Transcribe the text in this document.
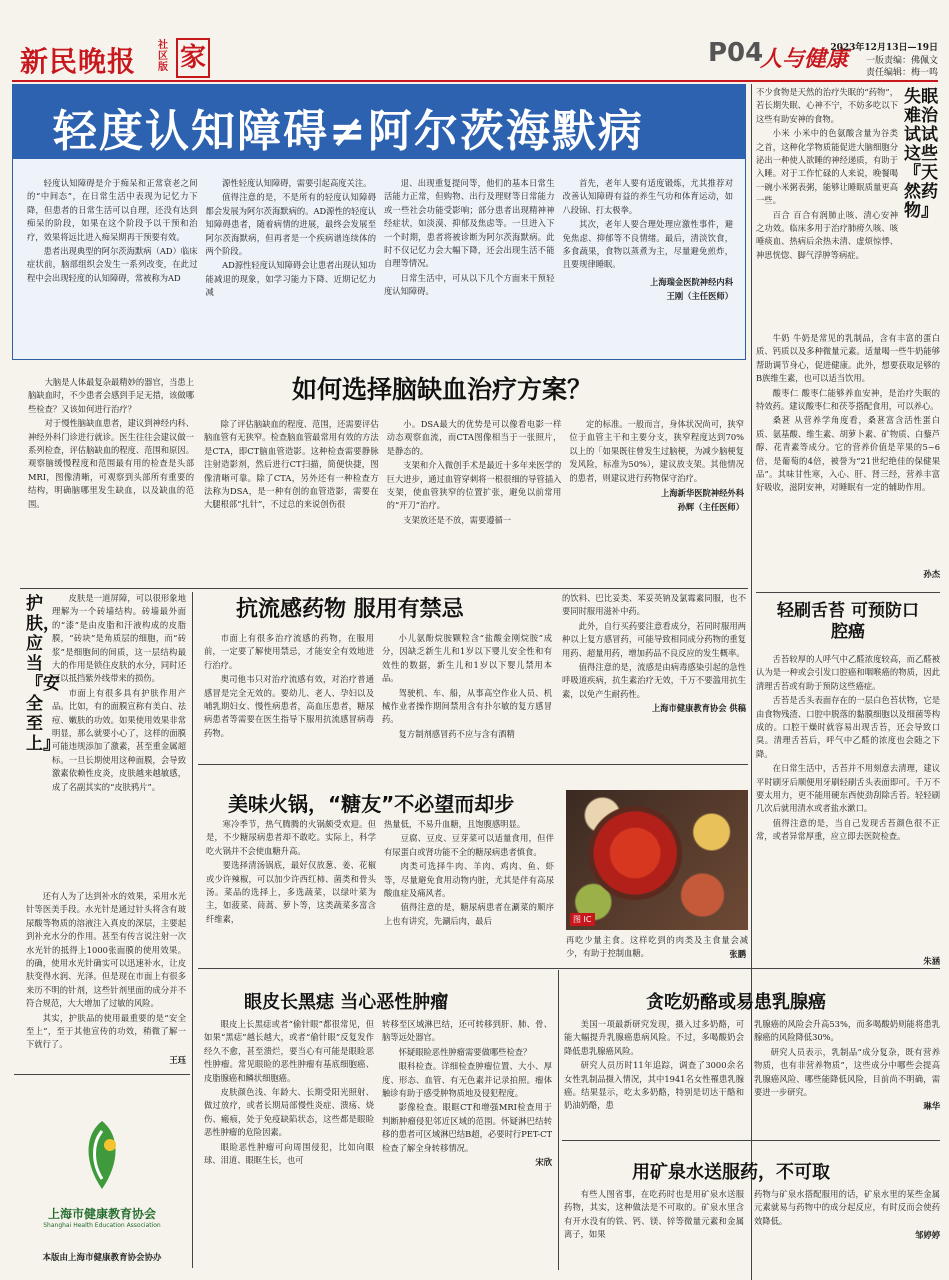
新民晚报 社区版 家	P04
人与健康
2023年12月13日—19日
一版责编：佛佩文
责任编辑：梅一鸣
轻度认知障碍≠阿尔茨海默病

轻度认知障碍是介于痴呆和正常衰老之间的“中间态”，在日常生活中表现为记忆力下降，但患者的日常生活可以自理，还没有达到痴呆的阶段，如果在这个阶段予以干预和治疗，效果将远比进入痴呆期再干预要有效。

患者出现典型的阿尔茨海默病（AD）临床症状前，脑部组织会发生一系列改变，在此过程中会出现轻度的认知障碍，常被称为AD

源性轻度认知障碍，需要引起高度关注。

值得注意的是，不是所有的轻度认知障碍都会发展为阿尔茨海默病的。AD源性的轻度认知障碍患者，随着病情的进展，最终会发展至阿尔茨海默病，但再者是一个疾病谱连续体的两个阶段。

AD源性轻度认知障碍会让患者出现认知功能减退的现象，如学习能力下降、近期记忆力减

退、出现重复提问等，他们的基本日常生活能力正常，但购物、出行及理财等日常能力或一些社会功能受影响；部分患者出现精神神经症状，如淡漠、抑郁及焦虑等。一旦进入下一个时期，患者将被诊断为阿尔茨海默病。此时不仅记忆力会大幅下降，还会出现生活不能自理等情况。

日常生活中，可从以下几个方面来干预轻度认知障碍。

首先，老年人要有适度锻炼，尤其推荐对改善认知障碍有益的养生气功和体育运动，如八段锦、打太极拳。

其次，老年人要合理处理应激性事件，避免焦虑、抑郁等不良情绪。最后，清淡饮食，多食蔬果，食物以蒸煮为主，尽量避免煎炸，且要规律睡眠。

上海瑞金医院神经内科

王刚（主任医师）

失眠难治 试试这些『天然药物』

不少食物是天然的治疗失眠的“药物”，若长期失眠、心神不宁，不妨多吃以下这些有助安神的食物。

小米 小米中的色氨酸含量为谷类之首，这种化学物质能促进大脑细胞分泌出一种使人欲睡的神经递质，有助于入睡。对于工作忙碌的人来说，晚餐喝一碗小米粥表粥，能够让睡眠质量更高一些。

百合 百合有润肺止咳、清心安神之功效。临床多用于治疗肺痨久咳、咳唾痰血、热病后余热未清、虚烦惊悸、神思恍惚、脚气浮肿等病症。

牛奶 牛奶是常见的乳制品，含有丰富的蛋白质、钙质以及多种微量元素。适量喝一些牛奶能够帮助调节身心，促进健康。此外，想要获取足够的B族维生素，也可以适当饮用。

酸枣仁 酸枣仁能够养血安神，是治疗失眠的特效药。建议酸枣仁和茯苓搭配食用，可以养心。

桑葚 从营养学角度看，桑葚富含活性蛋白质、氨基酸、维生素、胡萝卜素、矿物质、白藜芦醇、花青素等成分。它的营养价值是苹果的5~6倍，是葡萄的4倍，被誉为“21世纪绝佳的保健果品”。其味甘性寒，入心、肝、肾三经，营养丰富好吸收，滋阴安神，对睡眠有一定的辅助作用。

孙杰
如何选择脑缺血治疗方案？

大脑是人体最复杂最精妙的器官，当患上脑缺血时，不少患者会感到手足无措，该做哪些检查？又该如何进行治疗？

对于慢性脑缺血患者，建议到神经内科、神经外科门诊进行就诊。医生往往会建议做一系列检查，评估脑缺血的程度、范围和原因。观察脑缓慢程度和范围最有用的检查是头部MRI，图像清晰，可观察到头部所有重要的结构，明确脑哪里发生缺血，以及缺血的范围。

除了评估脑缺血的程度、范围，还需要评估脑血管有无狭窄。检查脑血管最常用有效的方法是CTA，即CT脑血管造影。这种检查需要静脉注射造影剂，然后进行CT扫描，简便快捷，图像清晰可靠。除了CTA，另外还有一种检查方法称为DSA，是一种有创的血管造影，需要在大腿根部“扎针”，不过总的来说创伤很

小。DSA最大的优势是可以像看电影一样动态观察血流，而CTA图像相当于一张照片，是静态的。

支架和介入微创手术是最近十多年来医学的巨大进步，通过血管穿刺将一根很细的导管插入支架，使血管狭窄的位置扩张，避免以前常用的“开刀”治疗。

支架放还是不放，需要遵循一

定的标准。一般而言，身体状况尚可，狭窄位于血管主干和主要分支，狭窄程度达到70%以上的「如果既往曾发生过脑梗，为减少脑梗复发风险，标准为50%），建议放支架。其他情况的患者，则建议进行药物保守治疗。

上海新华医院神经外科

孙辉（主任医师）

护肤，应当『安全至上』

皮肤是一道屏障，可以很形象地理解为一个砖墙结构。砖墙最外面的“漆”是由皮脂和汗液构成的皮脂膜，“砖块”是角质层的细胞，而“砖浆”是细胞间的间质，这一层结构最大的作用是锁住皮肤的水分，同时还可以抵挡紫外线带来的损伤。

市面上有很多具有护肤作用产品。比如，有的面膜宣称有美白、祛痘、嫩肤的功效。如果使用效果非常明显，那么就要小心了，这样的面膜可能违规添加了激素，甚至重金属超标。一旦长期使用这种面膜，会导致激素依赖性皮炎，皮肤越来越敏感，成了名副其实的“皮肤鸦片”。

还有人为了达到补水的效果，采用水光针等医美手段。水光针是通过针头将含有玻尿酸等物质的溶液注入真皮的深层，主要起到补充水分的作用。甚至有传言说注射一次水光针的抵得上1000张面膜的使用效果。的确，使用水光针确实可以迅速补水，让皮肤变得水润、光泽。但是现在市面上有很多来历不明的针剂，这些针剂里面的成分并不符合规范，大大增加了过敏的风险。

其实，护肤品的使用最重要的是“安全至上”，至于其他宣传的功效，稍微了解一下就行了。

王珏
抗流感药物 服用有禁忌

市面上有很多治疗流感的药物，在服用前，一定要了解使用禁忌，才能安全有效地进行治疗。

奥司他韦只对治疗流感有效，对治疗普通感冒是完全无效的。要幼儿、老人、孕妇以及哺乳期妇女、慢性病患者，高血压患者，糖尿病患者等需要在医生指导下服用抗流感冒病毒药物。

小儿氨酚烷胺颗粒含“盐酸金刚烷胺”成分，因缺乏新生儿和1岁以下婴儿安全性和有效性的数据，新生儿和1岁以下婴儿禁用本品。

驾驶机、车、船，从事高空作业人员、机械作业者操作期间禁用含有扑尔敏的复方感冒药。

复方制剂感冒药不应与含有酒精

的饮料、巴比妥类、苯妥英钠及氯霉素同服，也不要同时服用滋补中药。

此外，自行买药要注意看成分，若同时服用两种以上复方感冒药，可能导致相同成分药物的重复用药、超量用药，增加药品不良反应的发生概率。

值得注意的是，流感是由病毒感染引起的急性呼吸道疾病，抗生素治疗无效，千万不要滥用抗生素，以免产生耐药性。

上海市健康教育协会 供稿

轻刷舌苔 可预防口腔癌

舌苔较厚的人呼气中乙醛浓度较高，而乙醛被认为是一种或会引发口腔癌和咽喉癌的物质，因此清理舌苔或有助于预防这些癌症。

舌苔是舌头表面存在的一层白色苔状物，它是由食物残渣、口腔中脱落的黏膜细胞以及细菌等构成的。口腔干燥时就容易出现舌苔，还会导致口臭。清理舌苔后，呼气中乙醛的浓度也会随之下降。

在日常生活中，舌苔并不用刻意去清理，建议平时刷牙后顺便用牙刷轻刷舌头表面即可。千万不要太用力，更不能用硬东西使劲刮除舌苔。轻轻刷几次后就用清水或者盐水漱口。

值得注意的是，当自己发现舌苔颜色很不正常，或者异常厚重，应立即去医院检查。

朱涵
美味火锅，“糖友”不必望而却步

寒冷季节，热气腾腾的火锅颇受欢迎。但是，不少糖尿病患者却不敢吃。实际上，科学吃火锅并不会使血糖升高。

要选择清汤锅底，最好仅放葱、姜、花椒或少许辣椒，可以加少许西红柿、菌类和骨头汤。菜品的选择上，多选蔬菜，以绿叶菜为主，如菠菜、茼蒿、萝卜等，这类蔬菜多富含纤维素，

热量低，不易升血糖，且饱腹感明显。

豆腐、豆皮、豆芽菜可以适量食用，但伴有尿蛋白或肾功能不全的糖尿病患者慎食。

肉类可选择牛肉、羊肉、鸡肉、鱼、虾等，尽量避免食用动物内脏，尤其是伴有高尿酸血症及痛风者。

值得注意的是，糖尿病患者在涮菜的顺序上也有讲究，先涮后肉，最后	图 IC

再吃少量主食。这样吃到的肉类及主食量会减少，有助于控制血糖。	张鹏
眼皮长黑痣 当心恶性肿瘤

眼皮上长黑痣或者“偷针眼”都很常见，但如果“黑痣”越长越大，或者“偷针眼”反复发作经久不愈，甚至溃烂，要当心有可能是眼睑恶性肿瘤。常见眼睑的恶性肿瘤有基底细胞癌、皮脂腺癌和鳞状细胞癌。

皮肤颜色浅、年龄大、长期受阳光照射、做过放疗，或者长期局部慢性炎症、溃疡、烧伤、瘢痕，处于免疫缺陷状态，这些都是眼睑恶性肿瘤的危险因素。

眼睑恶性肿瘤可向周围侵犯，比如向眼球、泪道、眼眶生长，也可

转移至区域淋巴结，还可转移到肝、肺、骨、脑等远处器官。

怀疑眼睑恶性肿瘤需要做哪些检查？

眼科检查。详细检查肿瘤位置、大小、厚度、形态、血管、有无色素并记录拍照。瘤体触诊有助于感受肿物质地及侵犯程度。

影像检查。眼眶CT和增强MRI检查用于判断肿瘤侵犯邻近区域的范围。怀疑淋巴结转移的患者可区域淋巴结B超，必要时行PET-CT检查了解全身转移情况。

宋欣

贪吃奶酪或易患乳腺癌

美国一项最新研究发现，摄入过多奶酪，可能大幅提升乳腺癌患病风险。不过，多喝酸奶会降低患乳腺癌风险。

研究人员历时11年追踪，调查了3000余名女性乳制品摄入情况，其中1941名女性罹患乳腺癌。结果显示，吃太多奶酪，特别是切达干酪和奶油奶酪，患

乳腺癌的风险会升高53%，而多喝酸奶则能将患乳腺癌的风险降低30%。

研究人员表示，乳制品“成分复杂，既有营养物质，也有非营养物质”，这些成分中哪些会提高乳腺癌风险、哪些能降低风险，目前尚不明确，需要进一步研究。

琳华

用矿泉水送服药，不可取

有些人图省事，在吃药时也是用矿泉水送服药物，其实，这种做法是不可取的。矿泉水里含有开水没有的铁、钙、镁、锌等微量元素和金属离子，如果

药物与矿泉水搭配服用的话，矿泉水里的某些金属元素就易与药物中的成分起反应，有时反而会使药效降低。

邹婷婷

上海市健康教育协会
Shanghai Health Education Association
本版由上海市健康教育协会协办
